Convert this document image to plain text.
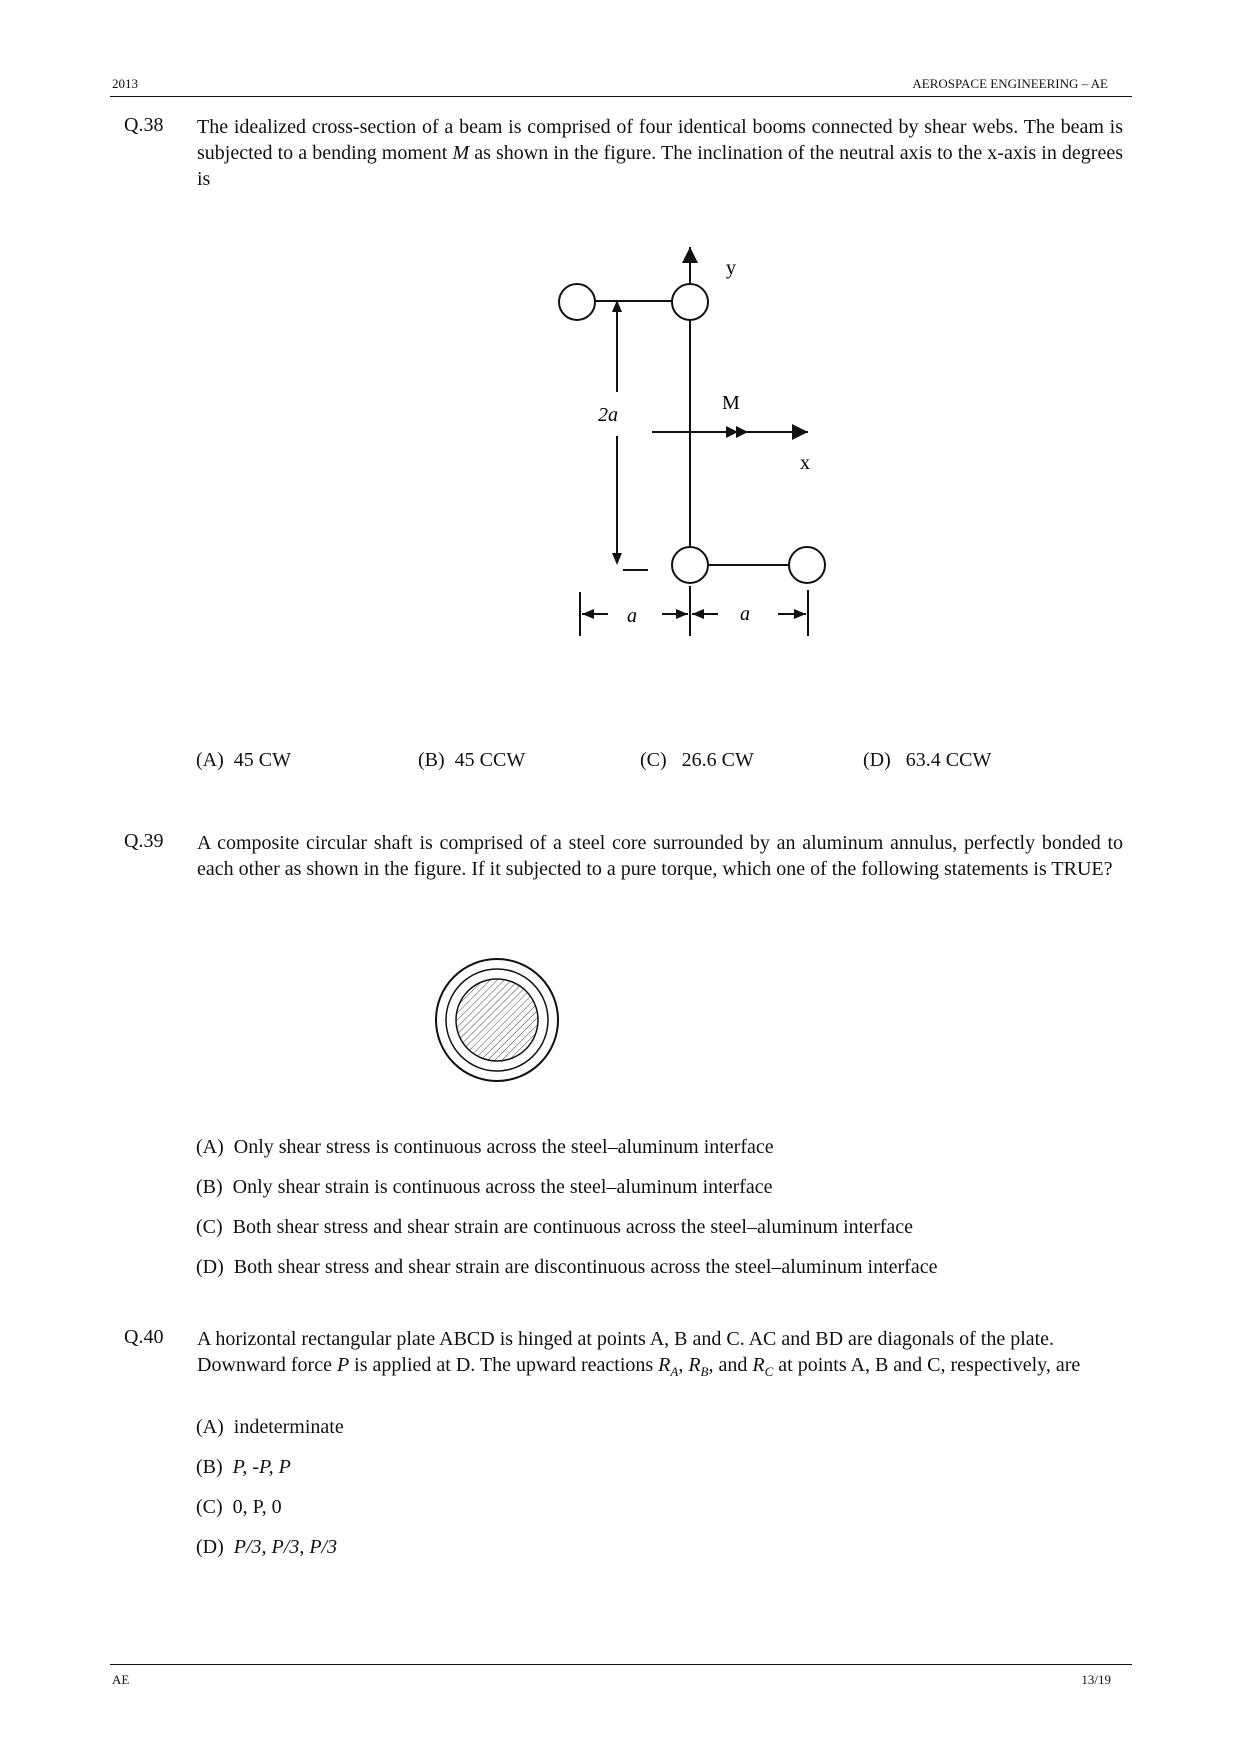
2013	AEROSPACE ENGINEERING – AE
Q.38 The idealized cross-section of a beam is comprised of four identical booms connected by shear webs. The beam is subjected to a bending moment M as shown in the figure. The inclination of the neutral axis to the x-axis in degrees is
y
x
M
2a
a	a
(A) 45 CW	(B) 45 CCW	(C) 26.6 CW	(D) 63.4 CCW
Q.39 A composite circular shaft is comprised of a steel core surrounded by an aluminum annulus, perfectly bonded to each other as shown in the figure. If it subjected to a pure torque, which one of the following statements is TRUE?
(A) Only shear stress is continuous across the steel–aluminum interface
(B) Only shear strain is continuous across the steel–aluminum interface
(C) Both shear stress and shear strain are continuous across the steel–aluminum interface
(D) Both shear stress and shear strain are discontinuous across the steel–aluminum interface
Q.40 A horizontal rectangular plate ABCD is hinged at points A, B and C. AC and BD are diagonals of the plate. Downward force P is applied at D. The upward reactions $R_A$, $R_B$, and $R_C$ at points A, B and C, respectively, are
(A) indeterminate
(B) P, -P, P
(C) 0, P, 0
(D) P/3, P/3, P/3
AE	13/19
